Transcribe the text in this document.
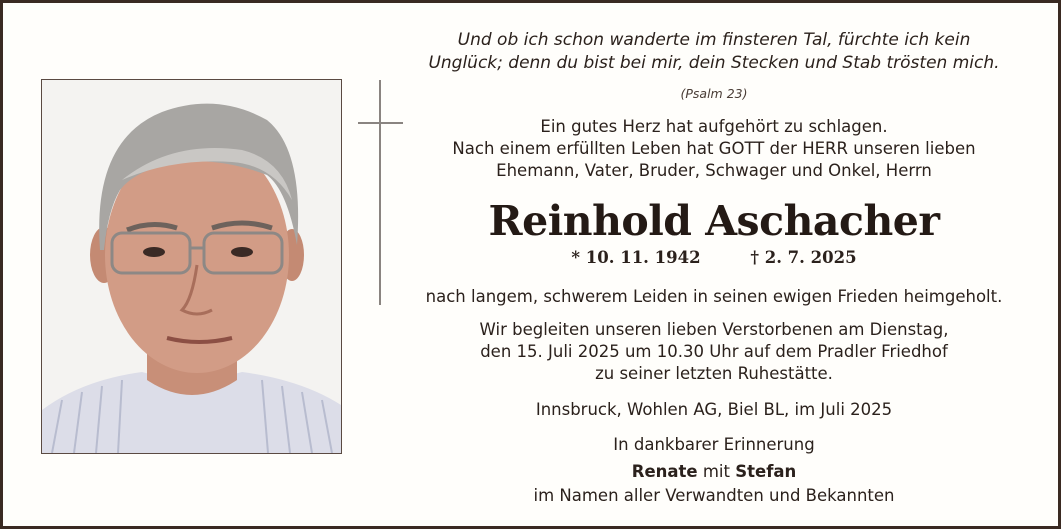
Und ob ich schon wanderte im finsteren Tal, fürchte ich kein
Unglück; denn du bist bei mir, dein Stecken und Stab trösten mich.
(Psalm 23)
Ein gutes Herz hat aufgehört zu schlagen.
Nach einem erfüllten Leben hat GOTT der HERR unseren lieben
Ehemann, Vater, Bruder, Schwager und Onkel, Herrn
Reinhold Aschacher
* 10. 11. 1942	† 2. 7. 2025
nach langem, schwerem Leiden in seinen ewigen Frieden heimgeholt.
Wir begleiten unseren lieben Verstorbenen am Dienstag,
den 15. Juli 2025 um 10.30 Uhr auf dem Pradler Friedhof
zu seiner letzten Ruhestätte.
Innsbruck, Wohlen AG, Biel BL, im Juli 2025
In dankbarer Erinnerung
Renate mit Stefan
im Namen aller Verwandten und Bekannten
